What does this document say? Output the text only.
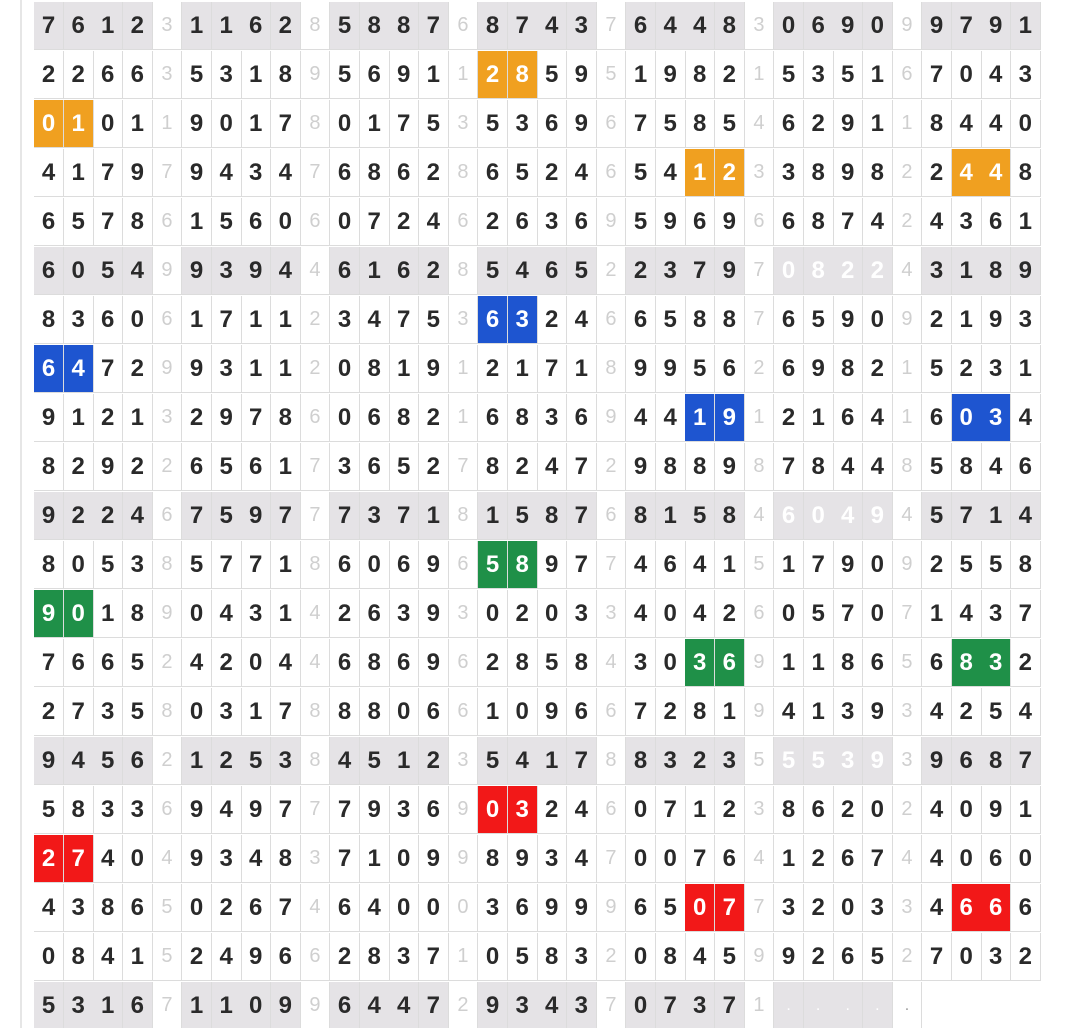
7 6 1 2 3 1 1 6 2 8 5 8 8 7 6 8 7 4 3 7 6 4 4 8 3 0 6 9 0 9 9 7 9 1
2 2 6 6 3 5 3 1 8 9 5 6 9 1 1 2 8 5 9 5 1 9 8 2 1 5 3 5 1 6 7 0 4 3
0 1 0 1 1 9 0 1 7 8 0 1 7 5 3 5 3 6 9 6 7 5 8 5 4 6 2 9 1 1 8 4 4 0
4 1 7 9 7 9 4 3 4 7 6 8 6 2 8 6 5 2 4 6 5 4 1 2 3 3 8 9 8 2 2 4 4 8
6 5 7 8 6 1 5 6 0 6 0 7 2 4 6 2 6 3 6 9 5 9 6 9 6 6 8 7 4 2 4 3 6 1
6 0 5 4 9 9 3 9 4 4 6 1 6 2 8 5 4 6 5 2 2 3 7 9 7 0 8 2 2 4 3 1 8 9
8 3 6 0 6 1 7 1 1 2 3 4 7 5 3 6 3 2 4 6 6 5 8 8 7 6 5 9 0 9 2 1 9 3
6 4 7 2 9 9 3 1 1 2 0 8 1 9 1 2 1 7 1 8 9 9 5 6 2 6 9 8 2 1 5 2 3 1
9 1 2 1 3 2 9 7 8 6 0 6 8 2 1 6 8 3 6 9 4 4 1 9 1 2 1 6 4 1 6 0 3 4
8 2 9 2 2 6 5 6 1 7 3 6 5 2 7 8 2 4 7 2 9 8 8 9 8 7 8 4 4 8 5 8 4 6
9 2 2 4 6 7 5 9 7 7 7 3 7 1 8 1 5 8 7 6 8 1 5 8 4 6 0 4 9 4 5 7 1 4
8 0 5 3 8 5 7 7 1 8 6 0 6 9 6 5 8 9 7 7 4 6 4 1 5 1 7 9 0 9 2 5 5 8
9 0 1 8 9 0 4 3 1 4 2 6 3 9 3 0 2 0 3 3 4 0 4 2 6 0 5 7 0 7 1 4 3 7
7 6 6 5 2 4 2 0 4 4 6 8 6 9 6 2 8 5 8 4 3 0 3 6 9 1 1 8 6 5 6 8 3 2
2 7 3 5 8 0 3 1 7 8 8 8 0 6 6 1 0 9 6 6 7 2 8 1 9 4 1 3 9 3 4 2 5 4
9 4 5 6 2 1 2 5 3 8 4 5 1 2 3 5 4 1 7 8 8 3 2 3 5 5 5 3 9 3 9 6 8 7
5 8 3 3 6 9 4 9 7 7 7 9 3 6 9 0 3 2 4 6 0 7 1 2 3 8 6 2 0 2 4 0 9 1
2 7 4 0 4 9 3 4 8 3 7 1 0 9 9 8 9 3 4 7 0 0 7 6 4 1 2 6 7 4 4 0 6 0
4 3 8 6 5 0 2 6 7 4 6 4 0 0 0 3 6 9 9 9 6 5 0 7 7 3 2 0 3 3 4 6 6 6
0 8 4 1 5 2 4 9 6 6 2 8 3 7 1 0 5 8 3 2 0 8 4 5 9 9 2 6 5 2 7 0 3 2
5 3 1 6 7 1 1 0 9 9 6 4 4 7 2 9 3 4 3 7 0 7 3 7 1	.	.	.	.	.
